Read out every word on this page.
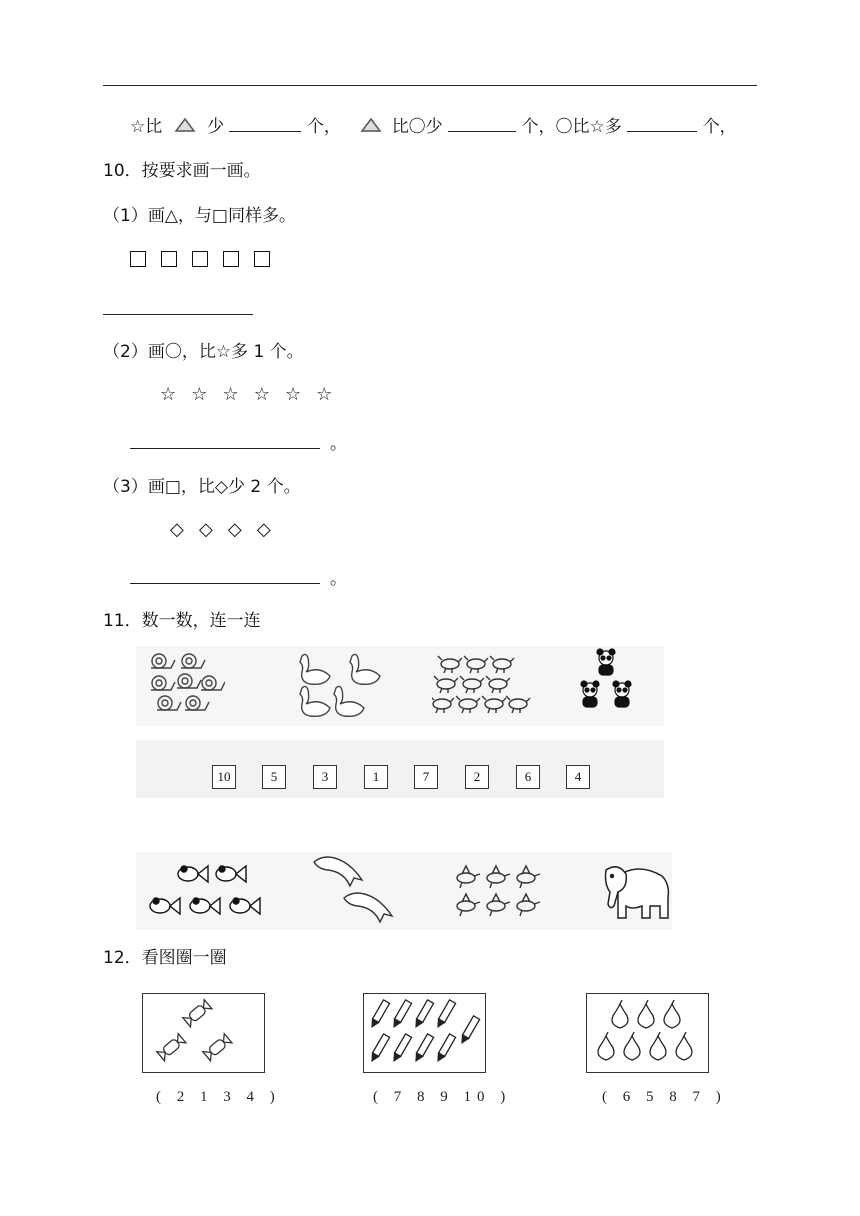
☆比	少	个，	比〇少	个，〇比☆多	个，
10．按要求画一画。
（1）画△，与□同样多。

（2）画〇，比☆多 1 个。
☆ ☆ ☆ ☆ ☆ ☆
。
（3）画□，比◇少 2 个。
◇ ◇ ◇ ◇
。
11．数一数，连一连
10	5	3	1	7	2	6	4
12．看图圈一圈
( 2 1 3 4 )	( 7 8 9 10 )	( 6 5 8 7 )
